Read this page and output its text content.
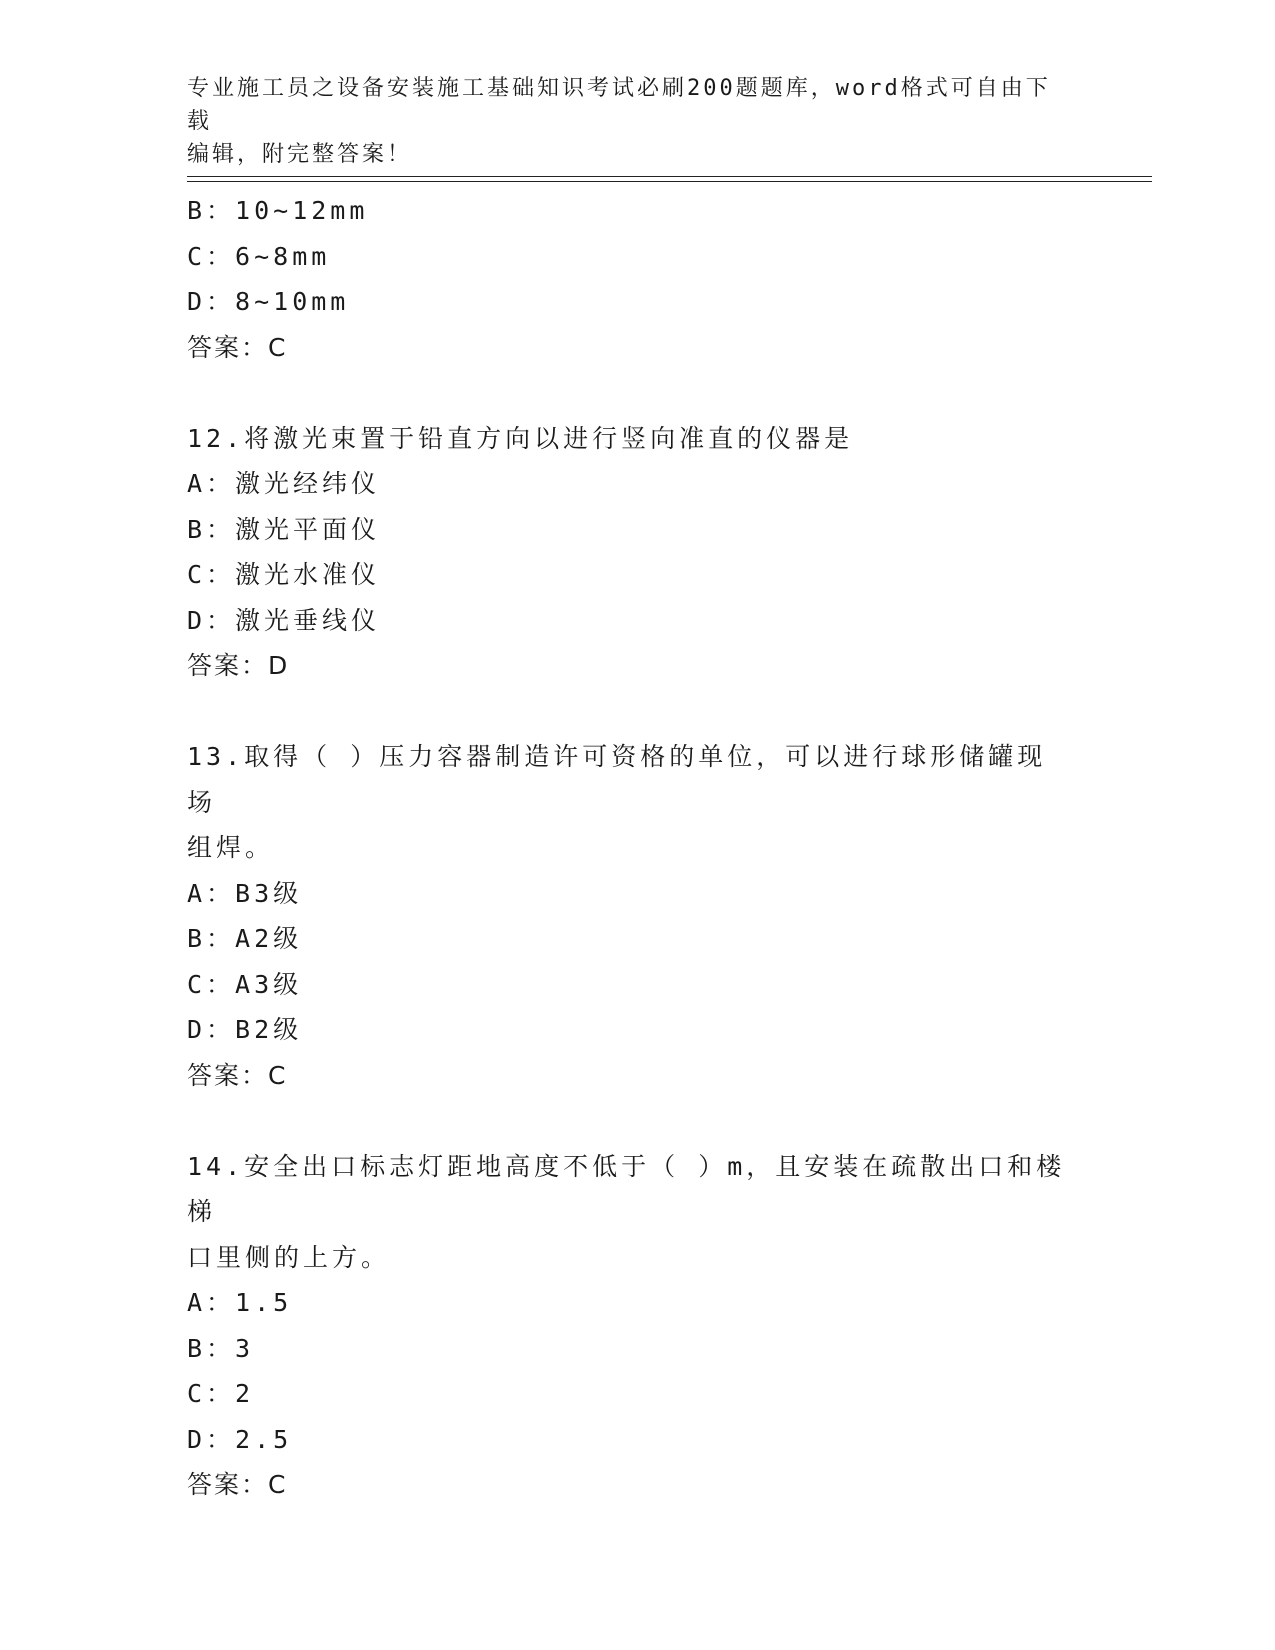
专业施工员之设备安装施工基础知识考试必刷200题题库，word格式可自由下载
编辑，附完整答案！
B：10~12mm
C：6~8mm
D：8~10mm
答案：C
12.将激光束置于铅直方向以进行竖向准直的仪器是
A：激光经纬仪
B：激光平面仪
C：激光水准仪
D：激光垂线仪
答案：D
13.取得（ ）压力容器制造许可资格的单位，可以进行球形储罐现场
组焊。
A：B3级
B：A2级
C：A3级
D：B2级
答案：C
14.安全出口标志灯距地高度不低于（ ）m，且安装在疏散出口和楼梯
口里侧的上方。
A：1.5
B：3
C：2
D：2.5
答案：C
